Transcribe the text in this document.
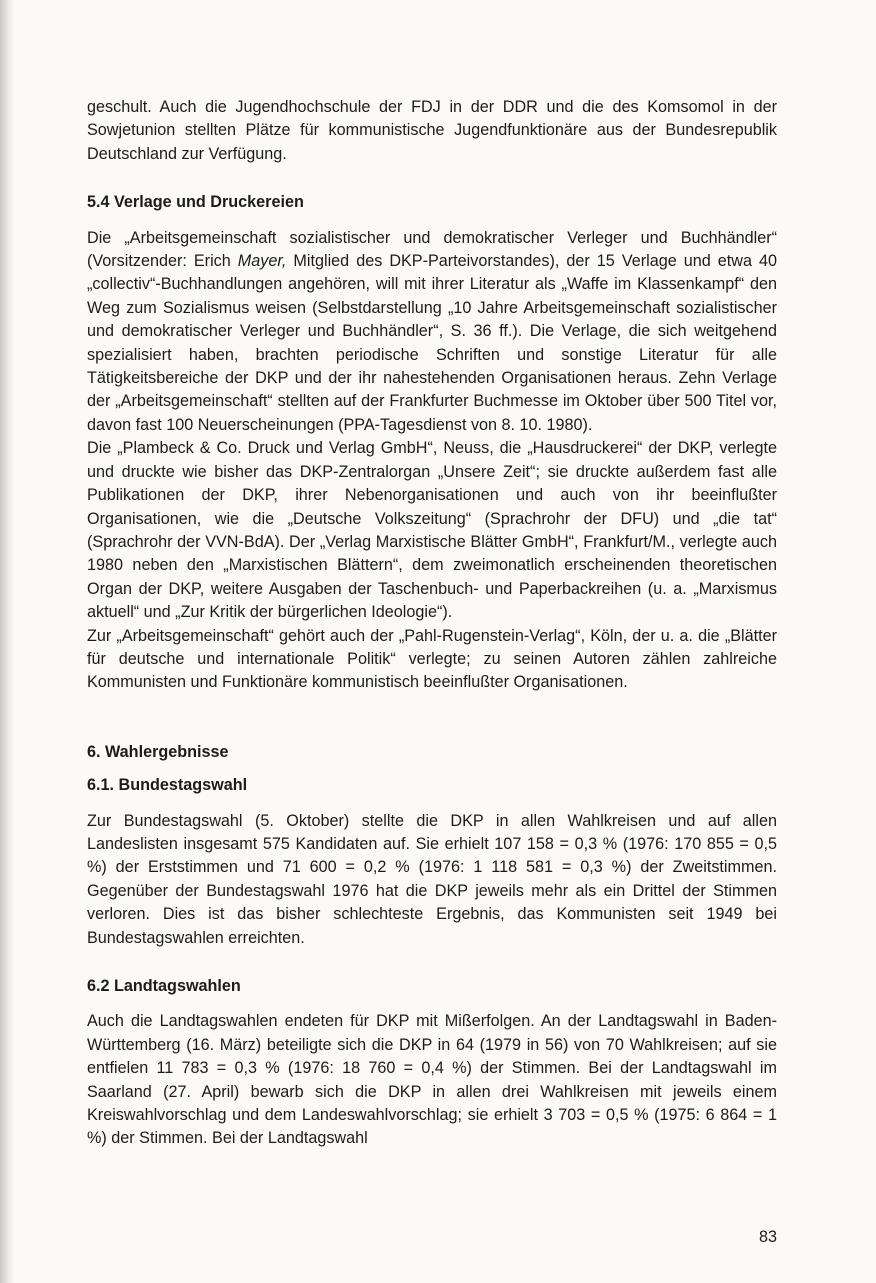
geschult. Auch die Jugendhochschule der FDJ in der DDR und die des Komsomol in der Sowjetunion stellten Plätze für kommunistische Jugendfunktionäre aus der Bundesrepublik Deutschland zur Verfügung.

5.4 Verlage und Druckereien

Die „Arbeitsgemeinschaft sozialistischer und demokratischer Verleger und Buchhändler“ (Vorsitzender: Erich Mayer, Mitglied des DKP-Parteivorstandes), der 15 Verlage und etwa 40 „collectiv“-Buchhandlungen angehören, will mit ihrer Literatur als „Waffe im Klassenkampf“ den Weg zum Sozialismus weisen (Selbstdarstellung „10 Jahre Arbeitsgemeinschaft sozialistischer und demokratischer Verleger und Buchhändler“, S. 36 ff.). Die Verlage, die sich weitgehend spezialisiert haben, brachten periodische Schriften und sonstige Literatur für alle Tätigkeitsbereiche der DKP und der ihr nahestehenden Organisationen heraus. Zehn Verlage der „Arbeitsgemeinschaft“ stellten auf der Frankfurter Buchmesse im Oktober über 500 Titel vor, davon fast 100 Neuerscheinungen (PPA-Tagesdienst von 8. 10. 1980).

Die „Plambeck & Co. Druck und Verlag GmbH“, Neuss, die „Hausdruckerei“ der DKP, verlegte und druckte wie bisher das DKP-Zentralorgan „Unsere Zeit“; sie druckte außerdem fast alle Publikationen der DKP, ihrer Nebenorganisationen und auch von ihr beeinflußter Organisationen, wie die „Deutsche Volkszeitung“ (Sprachrohr der DFU) und „die tat“ (Sprachrohr der VVN-BdA). Der „Verlag Marxistische Blätter GmbH“, Frankfurt/M., verlegte auch 1980 neben den „Marxistischen Blättern“, dem zweimonatlich erscheinenden theoretischen Organ der DKP, weitere Ausgaben der Taschenbuch- und Paperbackreihen (u. a. „Marxismus aktuell“ und „Zur Kritik der bürgerlichen Ideologie“).

Zur „Arbeitsgemeinschaft“ gehört auch der „Pahl-Rugenstein-Verlag“, Köln, der u. a. die „Blätter für deutsche und internationale Politik“ verlegte; zu seinen Autoren zählen zahlreiche Kommunisten und Funktionäre kommunistisch beeinflußter Organisationen.

6. Wahlergebnisse
6.1. Bundestagswahl

Zur Bundestagswahl (5. Oktober) stellte die DKP in allen Wahlkreisen und auf allen Landeslisten insgesamt 575 Kandidaten auf. Sie erhielt 107 158 = 0,3 % (1976: 170 855 = 0,5 %) der Erststimmen und 71 600 = 0,2 % (1976: 1 118 581 = 0,3 %) der Zweitstimmen. Gegenüber der Bundestagswahl 1976 hat die DKP jeweils mehr als ein Drittel der Stimmen verloren. Dies ist das bisher schlechteste Ergebnis, das Kommunisten seit 1949 bei Bundestagswahlen erreichten.

6.2 Landtagswahlen

Auch die Landtagswahlen endeten für DKP mit Mißerfolgen. An der Landtagswahl in Baden-Württemberg (16. März) beteiligte sich die DKP in 64 (1979 in 56) von 70 Wahlkreisen; auf sie entfielen 11 783 = 0,3 % (1976: 18 760 = 0,4 %) der Stimmen. Bei der Landtagswahl im Saarland (27. April) bewarb sich die DKP in allen drei Wahlkreisen mit jeweils einem Kreiswahlvorschlag und dem Landeswahlvorschlag; sie erhielt 3 703 = 0,5 % (1975: 6 864 = 1 %) der Stimmen. Bei der Landtagswahl

83
